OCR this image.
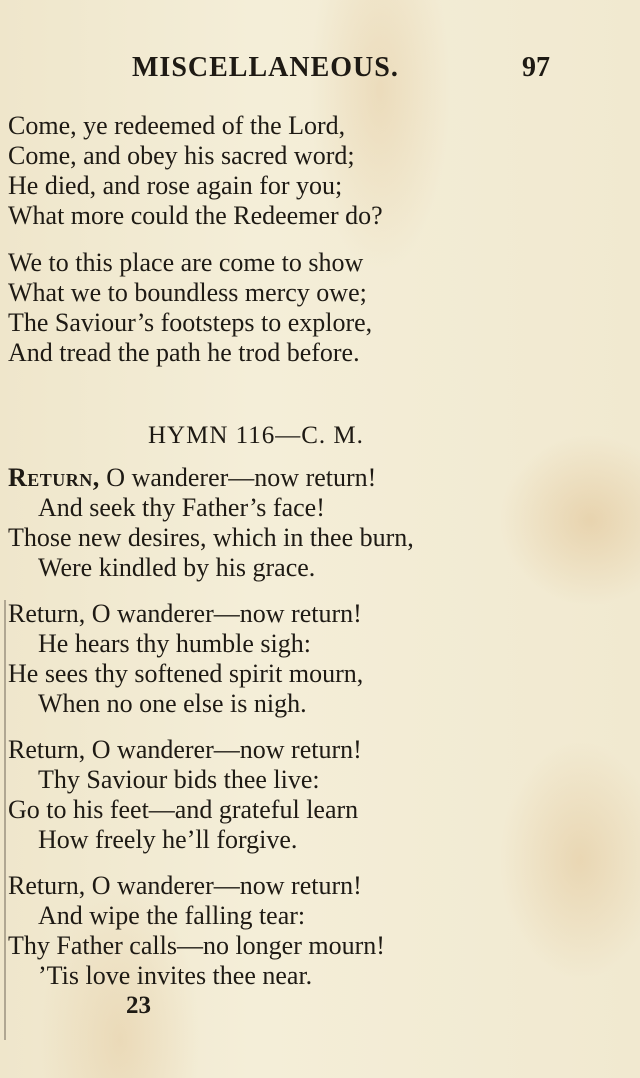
MISCELLANEOUS.	97
Come, ye redeemed of the Lord,
Come, and obey his sacred word;
He died, and rose again for you;
What more could the Redeemer do?
We to this place are come to show
What we to boundless mercy owe;
The Saviour’s footsteps to explore,
And tread the path he trod before.
HYMN 116—C. M.
Return, O wanderer—now return!
And seek thy Father’s face!
Those new desires, which in thee burn,
Were kindled by his grace.
Return, O wanderer—now return!
He hears thy humble sigh:
He sees thy softened spirit mourn,
When no one else is nigh.
Return, O wanderer—now return!
Thy Saviour bids thee live:
Go to his feet—and grateful learn
How freely he’ll forgive.
Return, O wanderer—now return!
And wipe the falling tear:
Thy Father calls—no longer mourn!
’Tis love invites thee near.
23
